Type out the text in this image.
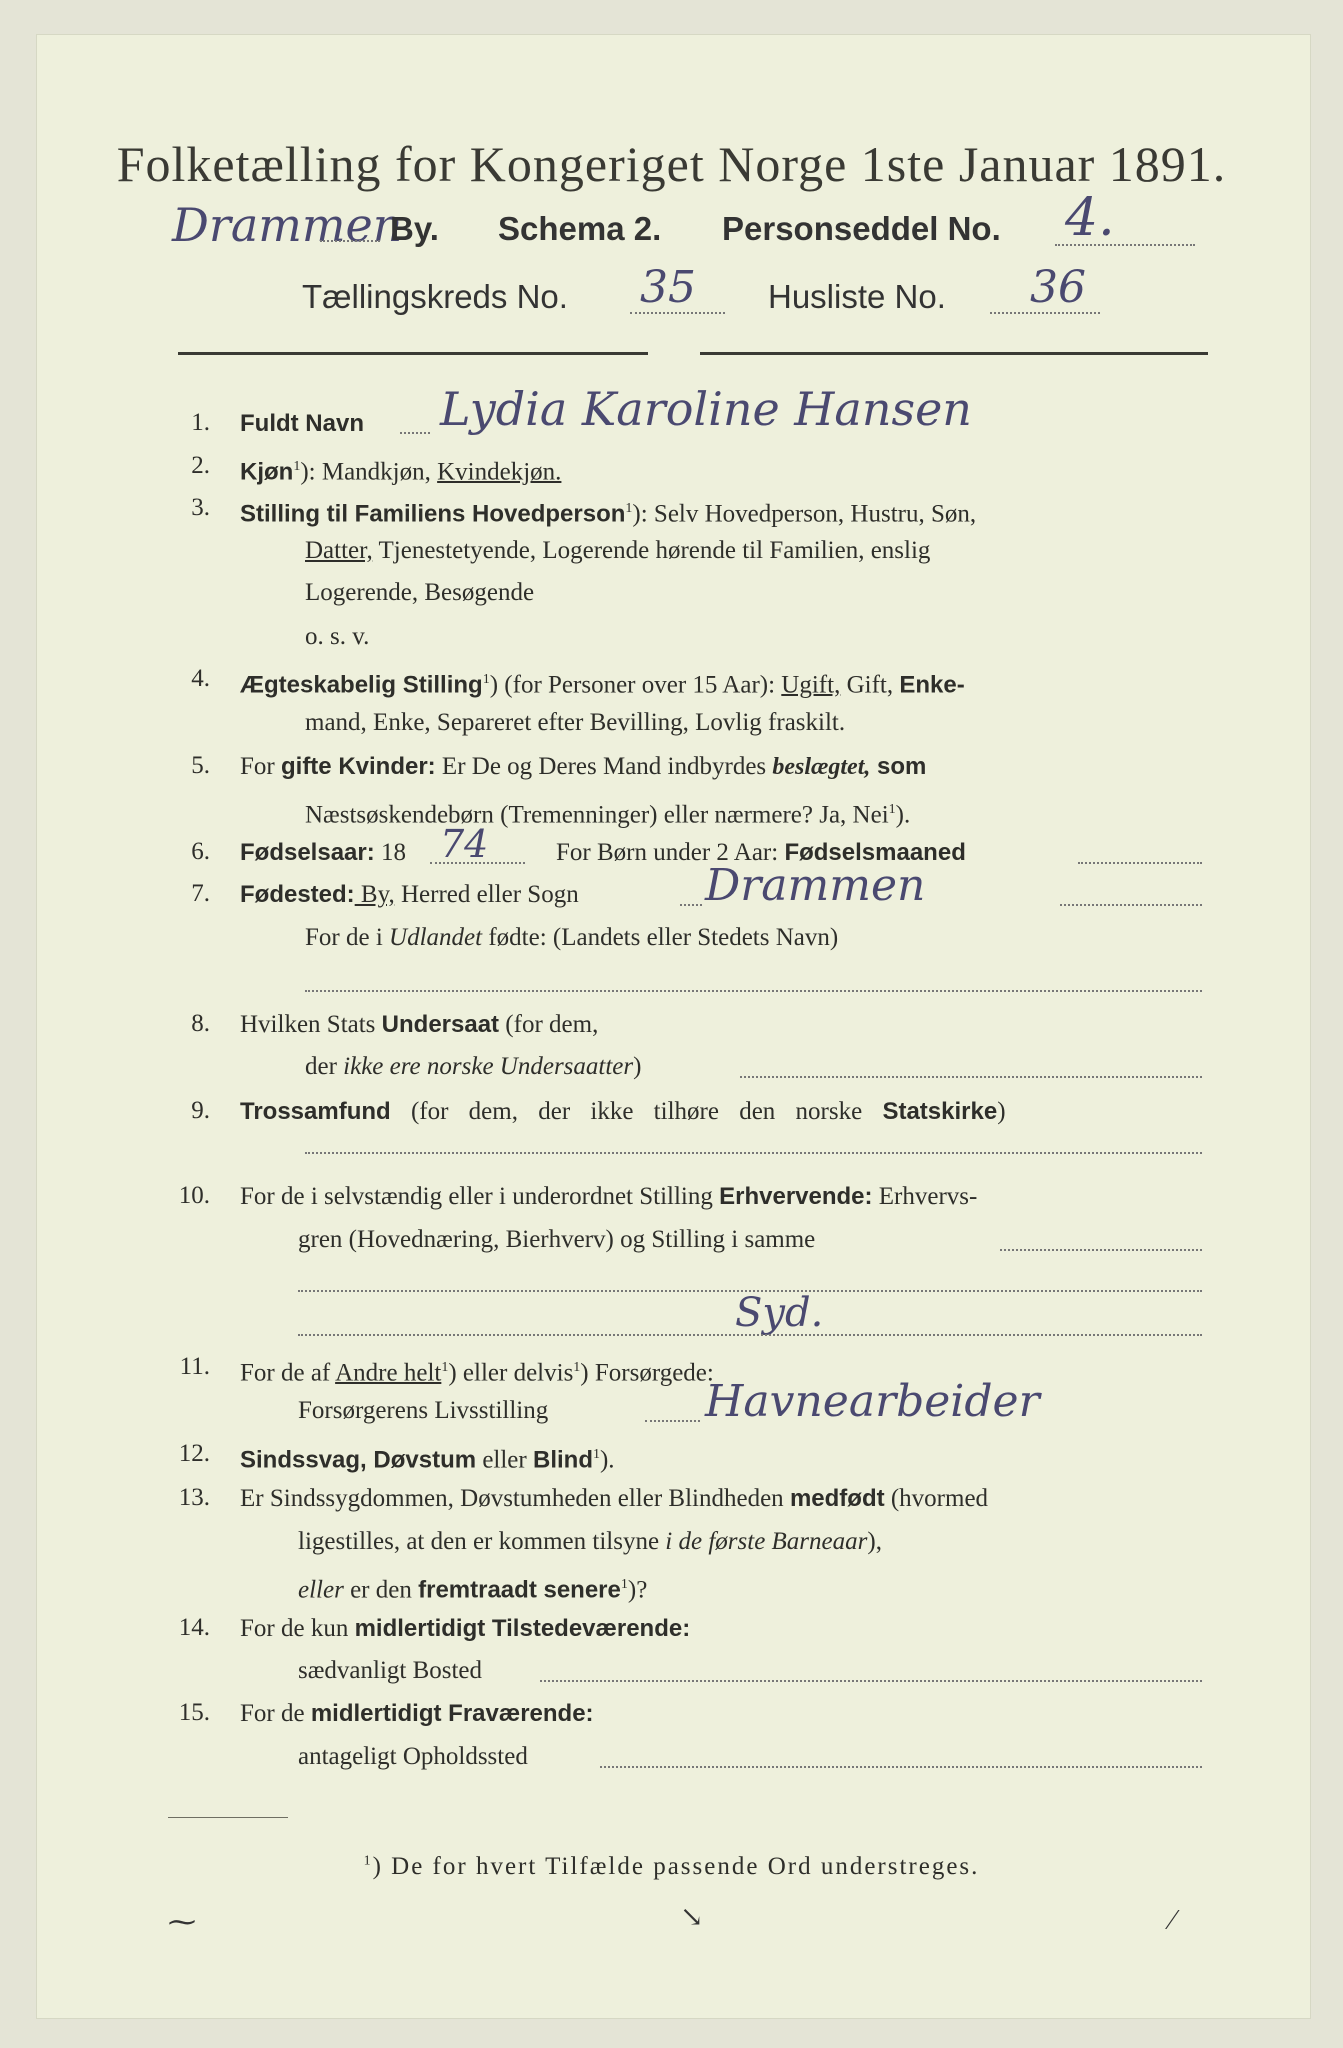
Folketælling for Kongeriget Norge 1ste Januar 1891.
Drammen
By. Schema 2. Personseddel No. 4.
Tællingskreds No. 35 Husliste No. 36
1. Fuldt Navn Lydia Karoline Hansen
2. Kjøn$^1$): Mandkjøn, Kvindekjøn.
3. Stilling til Familiens Hovedperson$^1$): Selv Hovedperson, Hustru, Søn,
Datter, Tjenestetyende, Logerende hørende til Familien, enslig
Logerende, Besøgende
o. s. v.
4. Ægteskabelig Stilling$^1$) (for Personer over 15 Aar): Ugift, Gift, Enke-
mand, Enke, Separeret efter Bevilling, Lovlig fraskilt.
5. For gifte Kvinder: Er De og Deres Mand indbyrdes beslægtet, som
Næstsøskendebørn (Tremenninger) eller nærmere? Ja, Nei$^1$).
6. Fødselsaar: 18 74	For Børn under 2 Aar: Fødselsmaaned
7. Fødested: By, Herred eller Sogn	Drammen
For de i Udlandet fødte: (Landets eller Stedets Navn)
8. Hvilken Stats Undersaat (for dem,
der ikke ere norske Undersaatter)
9. Trossamfund (for dem, der ikke tilhøre den norske Statskirke)
10. For de i selvstændig eller i underordnet Stilling Erhvervende: Erhvervs-
gren (Hovednæring, Bierhverv) og Stilling i samme
Syd.
11. For de af Andre helt$^1$) eller delvis$^1$) Forsørgede:
Forsørgerens Livsstilling	Havnearbeider
12. Sindssvag, Døvstum eller Blind$^1$).
13. Er Sindssygdommen, Døvstumheden eller Blindheden medfødt (hvormed
ligestilles, at den er kommen tilsyne i de første Barneaar),
eller er den fremtraadt senere$^1$)?
14. For de kun midlertidigt Tilstedeværende:
sædvanligt Bosted
15. For de midlertidigt Fraværende:
antageligt Opholdssted
$^1$) De for hvert Tilfælde passende Ord understreges.
⁓	↘	⁄
